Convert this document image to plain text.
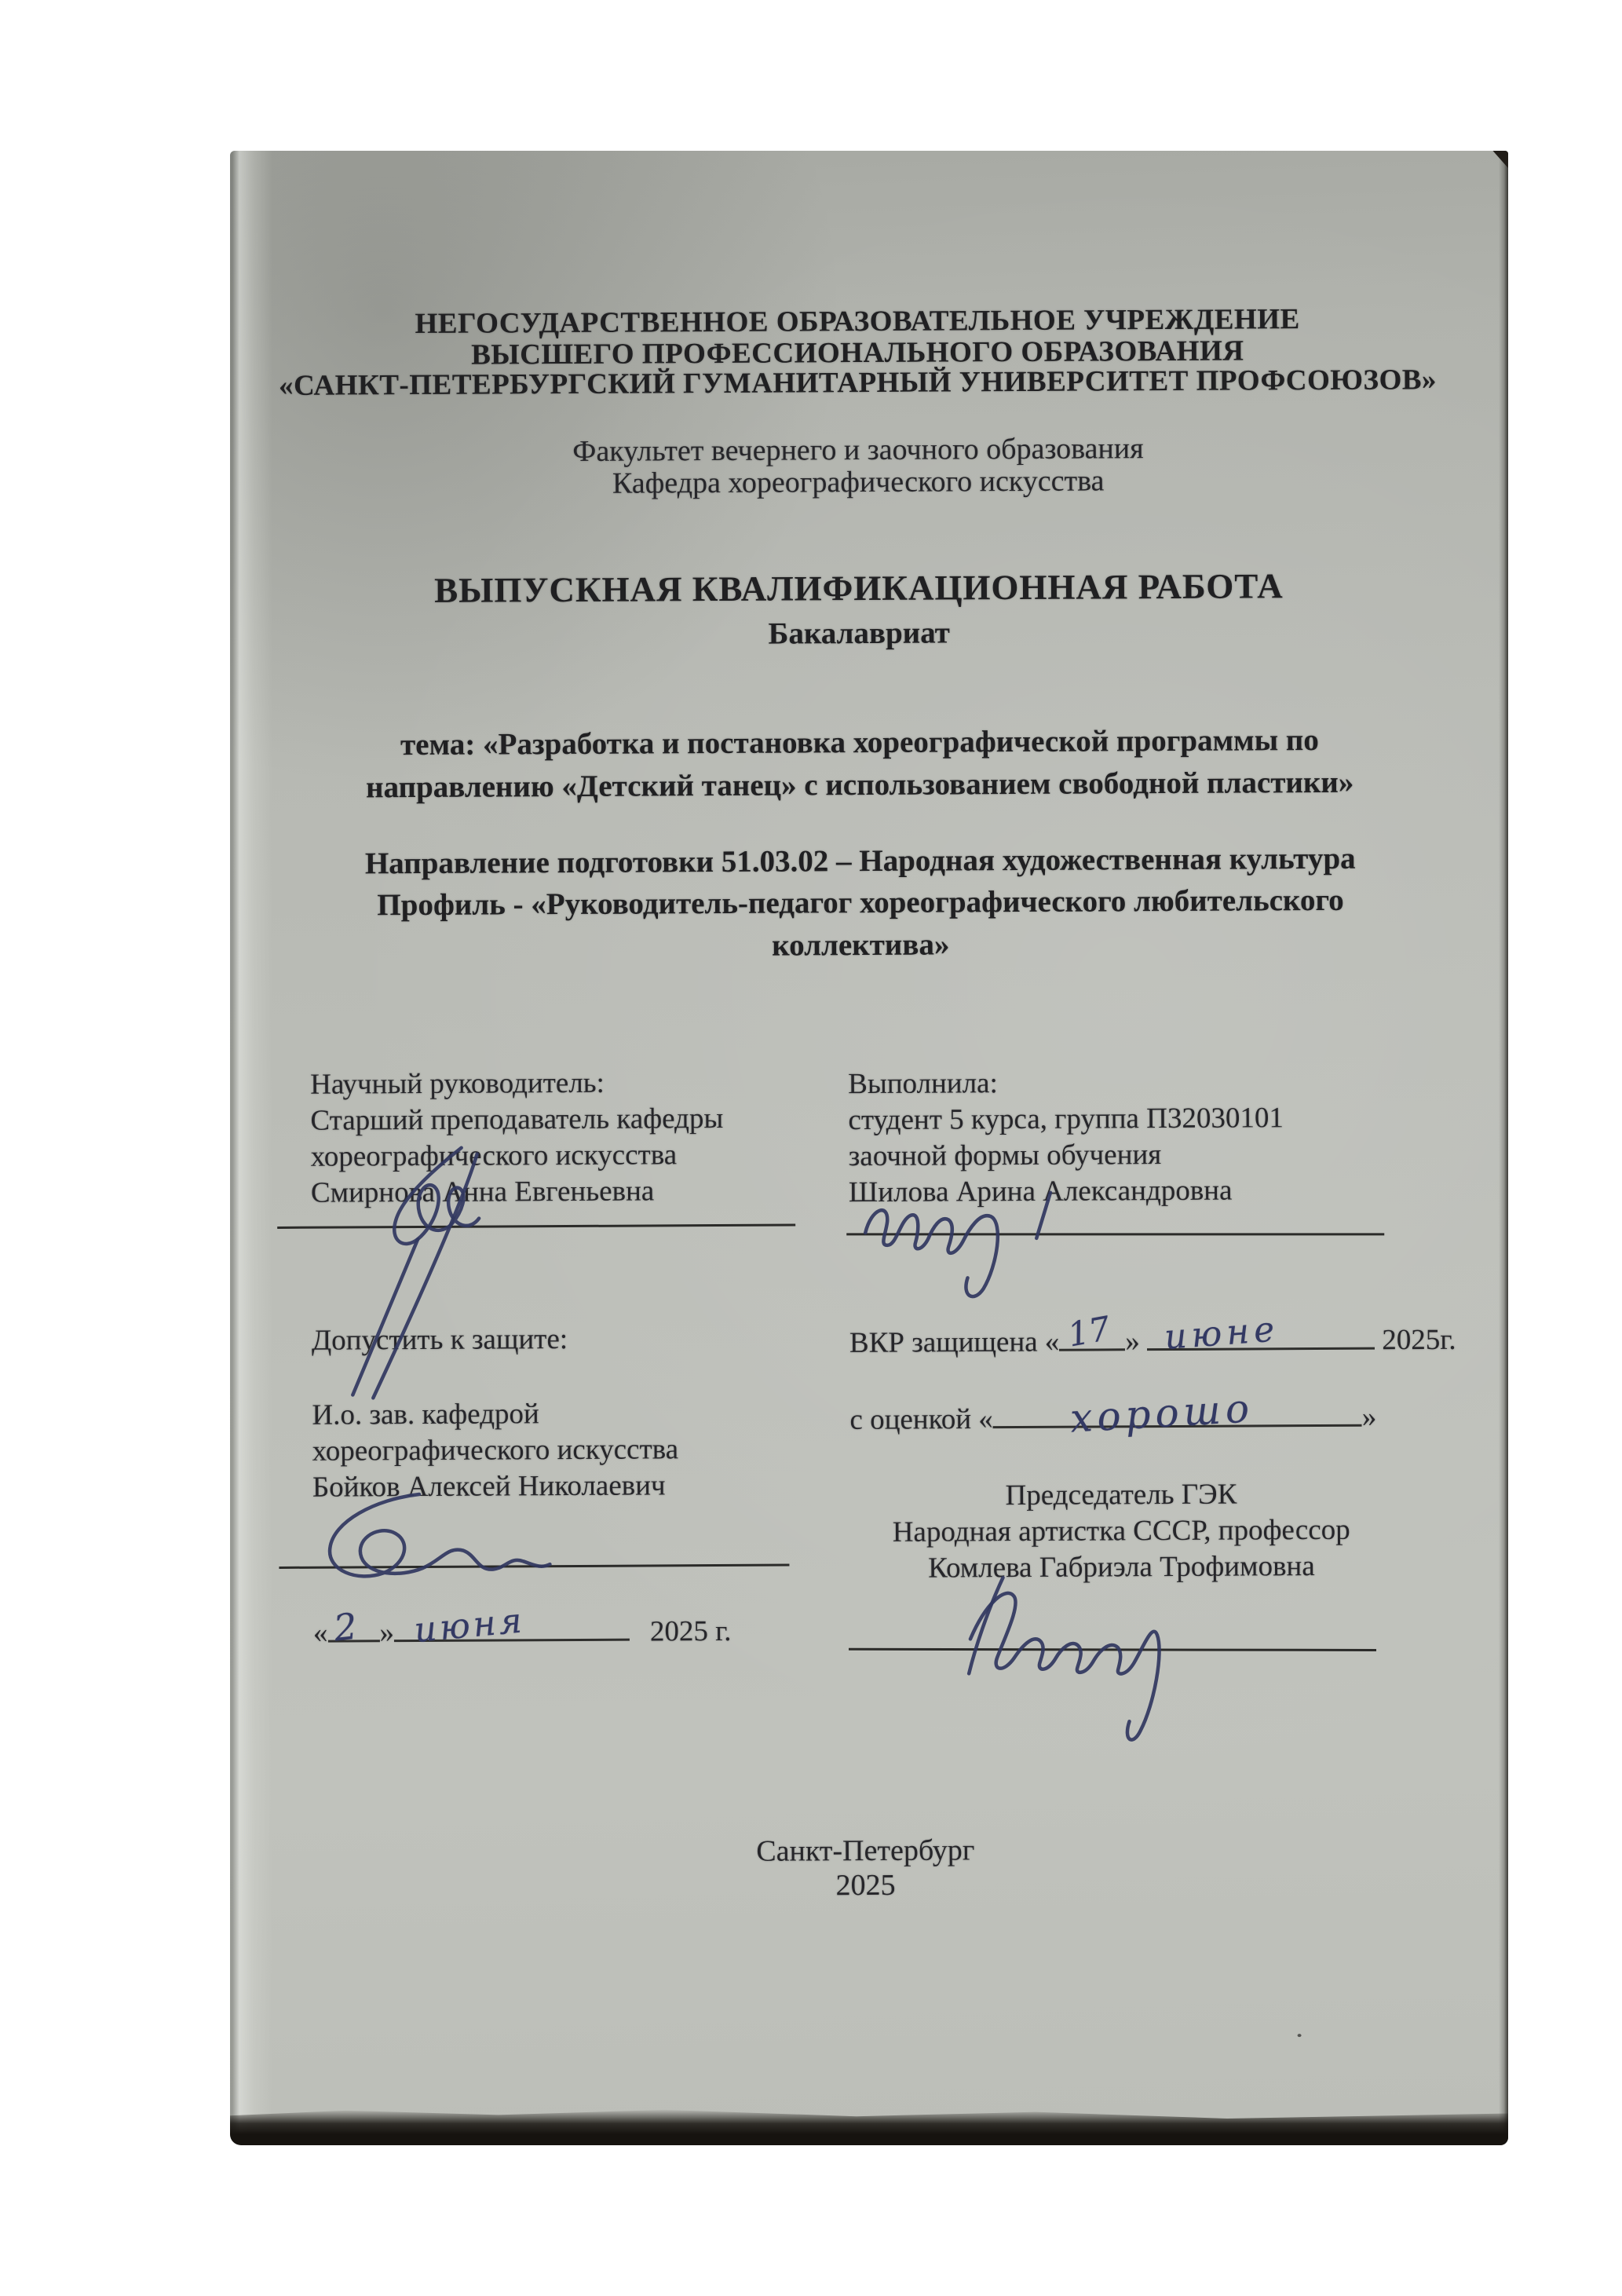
НЕГОСУДАРСТВЕННОЕ ОБРАЗОВАТЕЛЬНОЕ УЧРЕЖДЕНИЕ
ВЫСШЕГО ПРОФЕССИОНАЛЬНОГО ОБРАЗОВАНИЯ
«САНКТ-ПЕТЕРБУРГСКИЙ ГУМАНИТАРНЫЙ УНИВЕРСИТЕТ ПРОФСОЮЗОВ»
Факультет вечернего и заочного образования
Кафедра хореографического искусства
ВЫПУСКНАЯ КВАЛИФИКАЦИОННАЯ РАБОТА
Бакалавриат
тема: «Разработка и постановка хореографической программы по
направлению «Детский танец» с использованием свободной пластики»
Направление подготовки 51.03.02 – Народная художественная культура
Профиль - «Руководитель-педагог хореографического любительского
коллектива»
Научный руководитель:
Старший преподаватель кафедры
хореографического искусства
Смирнова Анна Евгеньевна
Выполнила:
студент 5 курса, группа П32030101
заочной формы обучения
Шилова Арина Александровна
Допустить к защите:	ВКР защищена « 17 » июне	2025г.
И.о. зав. кафедрой
хореографического искусства
Бойков Алексей Николаевич
с оценкой « хорошо	»
Председатель ГЭК
Народная артистка СССР, профессор
Комлева Габриэла Трофимовна
« 2 » июня	2025 г.
Санкт-Петербург
2025
